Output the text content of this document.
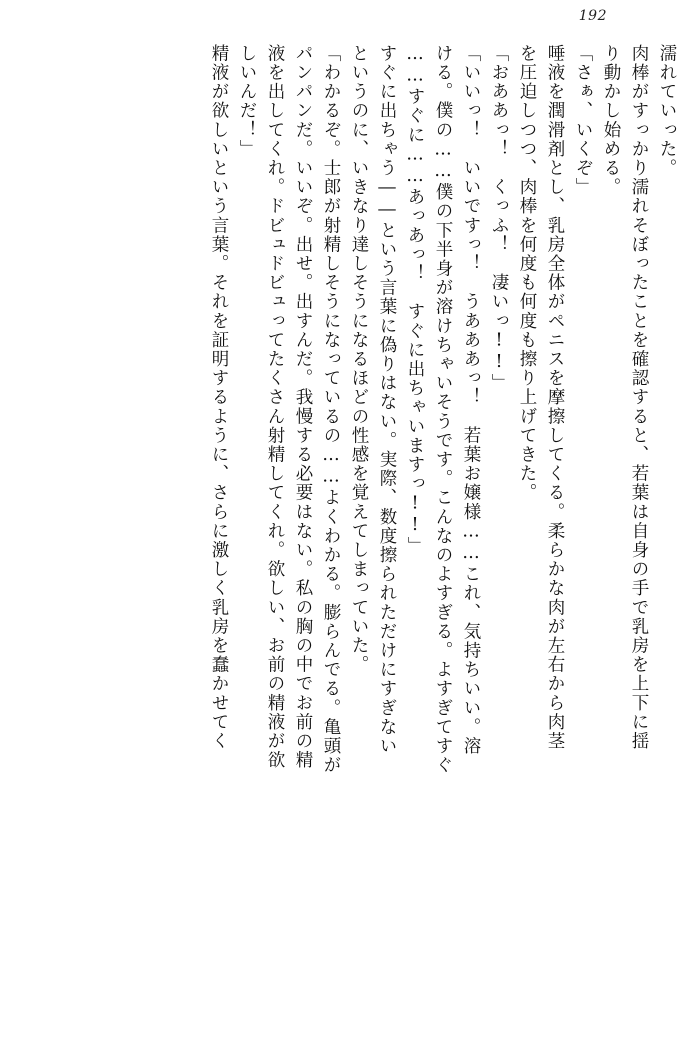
192
濡れていった。
肉棒がすっかり濡れそぼったことを確認すると、若葉は自身の手で乳房を上下に揺
り動かし始める。
「さぁ、いくぞ」
唾液を潤滑剤とし、乳房全体がペニスを摩擦してくる。柔らかな肉が左右から肉茎
を圧迫しつつ、肉棒を何度も何度も擦り上げてきた。
「おああっ！　くっふ！　凄いっ!!」
「いいっ！　いいですっ！　うあああっ！　若葉お嬢様……これ、気持ちいい。溶
ける。僕の……僕の下半身が溶けちゃいそうです。こんなのよすぎる。よすぎてすぐ
……すぐに……あっあっ！　すぐに出ちゃいますっ!!」
すぐに出ちゃう――という言葉に偽りはない。実際、数度擦られただけにすぎない
というのに、いきなり達しそうになるほどの性感を覚えてしまっていた。
「わかるぞ。士郎が射精しそうになっているの……よくわかる。膨らんでる。亀頭が
パンパンだ。いいぞ。出せ。出すんだ。我慢する必要はない。私の胸の中でお前の精
液を出してくれ。ドビュドビュってたくさん射精してくれ。欲しい、お前の精液が欲
しいんだ！」
精液が欲しいという言葉。それを証明するように、さらに激しく乳房を蠢かせてく
